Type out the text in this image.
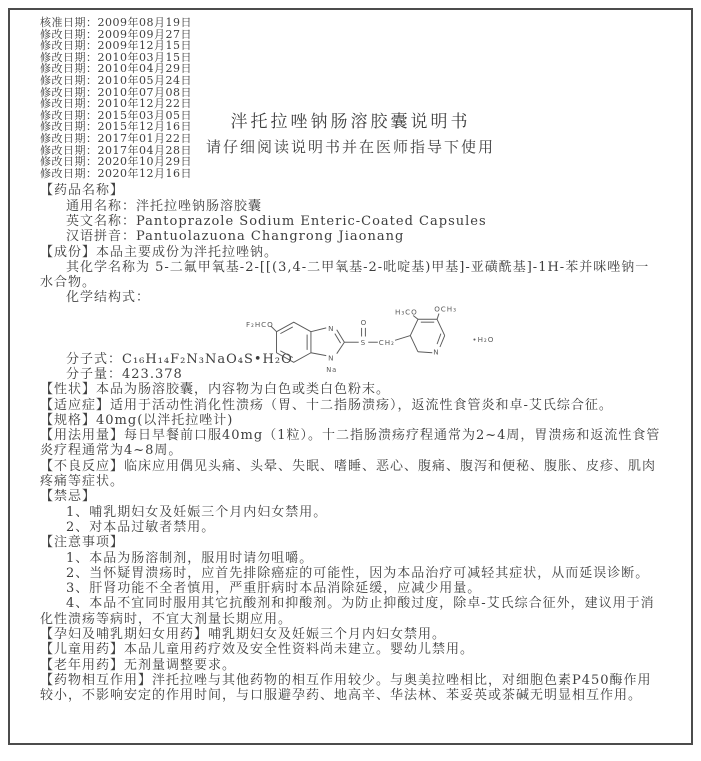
核准日期：2009年08月19日
修改日期：2009年09月27日
修改日期：2009年12月15日
修改日期：2010年03月15日
修改日期：2010年04月29日
修改日期：2010年05月24日
修改日期：2010年07月08日
修改日期：2010年12月22日
修改日期：2015年03月05日
修改日期：2015年12月16日
修改日期：2017年01月22日
修改日期：2017年04月28日
修改日期：2020年10月29日
修改日期：2020年12月16日
【药品名称】
通用名称：泮托拉唑钠肠溶胶囊
英文名称：Pantoprazole Sodium Enteric-Coated Capsules
汉语拼音：Pantuolazuona Changrong Jiaonang
【成份】本品主要成份为泮托拉唑钠。
其化学名称为 5-二氟甲氧基-2-[[(3,4-二甲氧基-2-吡啶基)甲基]-亚磺酰基]-1H-苯并咪唑钠一水合物。
化学结构式：
F₂HCO	N
N
Na
S
O
CH₂
N
H₃CO OCH₃
•H₂O
分子式：C₁₆H₁₄F₂N₃NaO₄S•H₂O
分子量：423.378
【性状】本品为肠溶胶囊，内容物为白色或类白色粉末。
【适应症】适用于活动性消化性溃疡（胃、十二指肠溃疡），返流性食管炎和卓-艾氏综合征。
【规格】40mg(以泮托拉唑计)
【用法用量】每日早餐前口服40mg（1粒）。十二指肠溃疡疗程通常为2~4周，胃溃疡和返流性食管炎疗程通常为4~8周。
【不良反应】临床应用偶见头痛、头晕、失眠、嗜睡、恶心、腹痛、腹泻和便秘、腹胀、皮疹、肌肉疼痛等症状。
【禁忌】
1、哺乳期妇女及妊娠三个月内妇女禁用。
2、对本品过敏者禁用。
【注意事项】
1、本品为肠溶制剂，服用时请勿咀嚼。
2、当怀疑胃溃疡时，应首先排除癌症的可能性，因为本品治疗可减轻其症状，从而延误诊断。
3、肝肾功能不全者慎用，严重肝病时本品消除延缓，应减少用量。
4、本品不宜同时服用其它抗酸剂和抑酸剂。为防止抑酸过度，除卓-艾氏综合征外，建议用于消化性溃疡等病时，不宜大剂量长期应用。
【孕妇及哺乳期妇女用药】哺乳期妇女及妊娠三个月内妇女禁用。
【儿童用药】本品儿童用药疗效及安全性资料尚未建立。婴幼儿禁用。
【老年用药】无剂量调整要求。
【药物相互作用】泮托拉唑与其他药物的相互作用较少。与奥美拉唑相比，对细胞色素P450酶作用较小，不影响安定的作用时间，与口服避孕药、地高辛、华法林、苯妥英或茶碱无明显相互作用。
泮托拉唑钠肠溶胶囊说明书
请仔细阅读说明书并在医师指导下使用
